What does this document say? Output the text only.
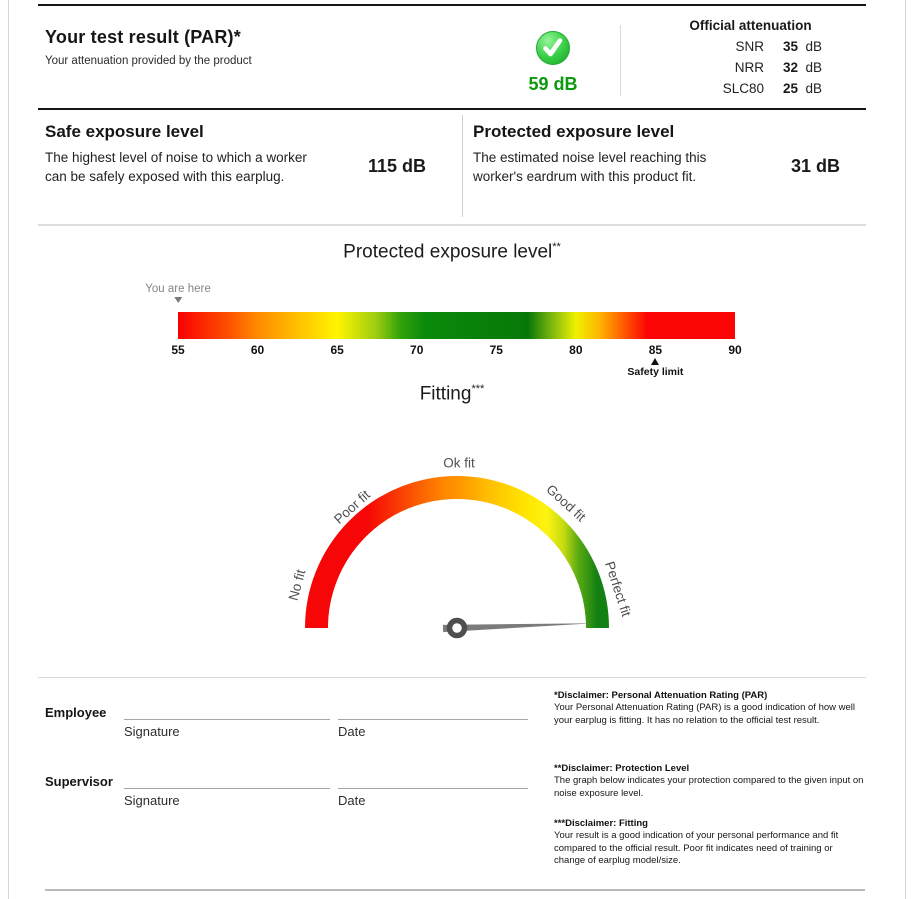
Your test result (PAR)*
Your attenuation provided by the product
59 dB
Official attenuation
SNR	35 dB
NRR	32 dB
SLC80	25 dB
Safe exposure level
The highest level of noise to which a worker can be safely exposed with this earplug.
115 dB
Protected exposure level
The estimated noise level reaching this worker's eardrum with this product fit.
31 dB
Protected exposure level**
You are here
55	60	65	70	75	80	85	90
Safety limit
Fitting***
No fit
Poor fit
Ok fit
Good fit
Perfect fit
Employee
Signature	Date
Supervisor
Signature	Date
*Disclaimer: Personal Attenuation Rating (PAR)
Your Personal Attenuation Rating (PAR) is a good indication of how well your earplug is fitting. It has no relation to the official test result.
**Disclaimer: Protection Level
The graph below indicates your protection compared to the given input on noise exposure level.
***Disclaimer: Fitting
Your result is a good indication of your personal performance and fit compared to the official result. Poor fit indicates need of training or change of earplug model/size.
